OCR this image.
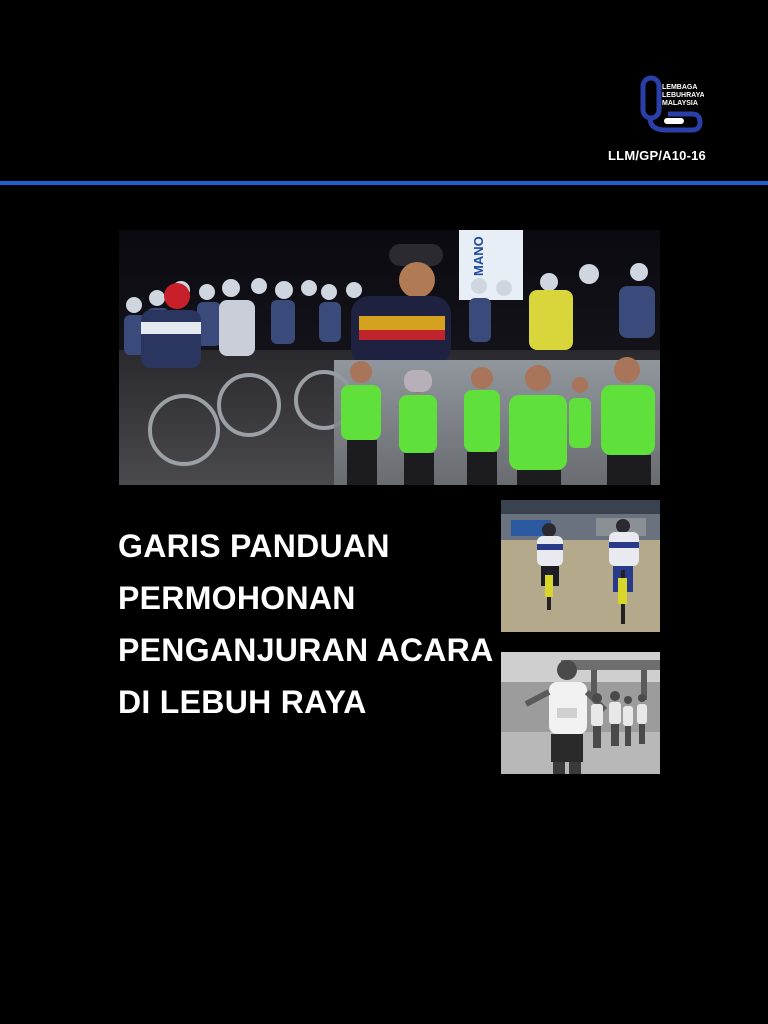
LEMBAGA
LEBUHRAYA
MALAYSIA
LLM/GP/A10-16
MANO
GARIS PANDUAN
PERMOHONAN
PENGANJURAN ACARA
DI LEBUH RAYA
